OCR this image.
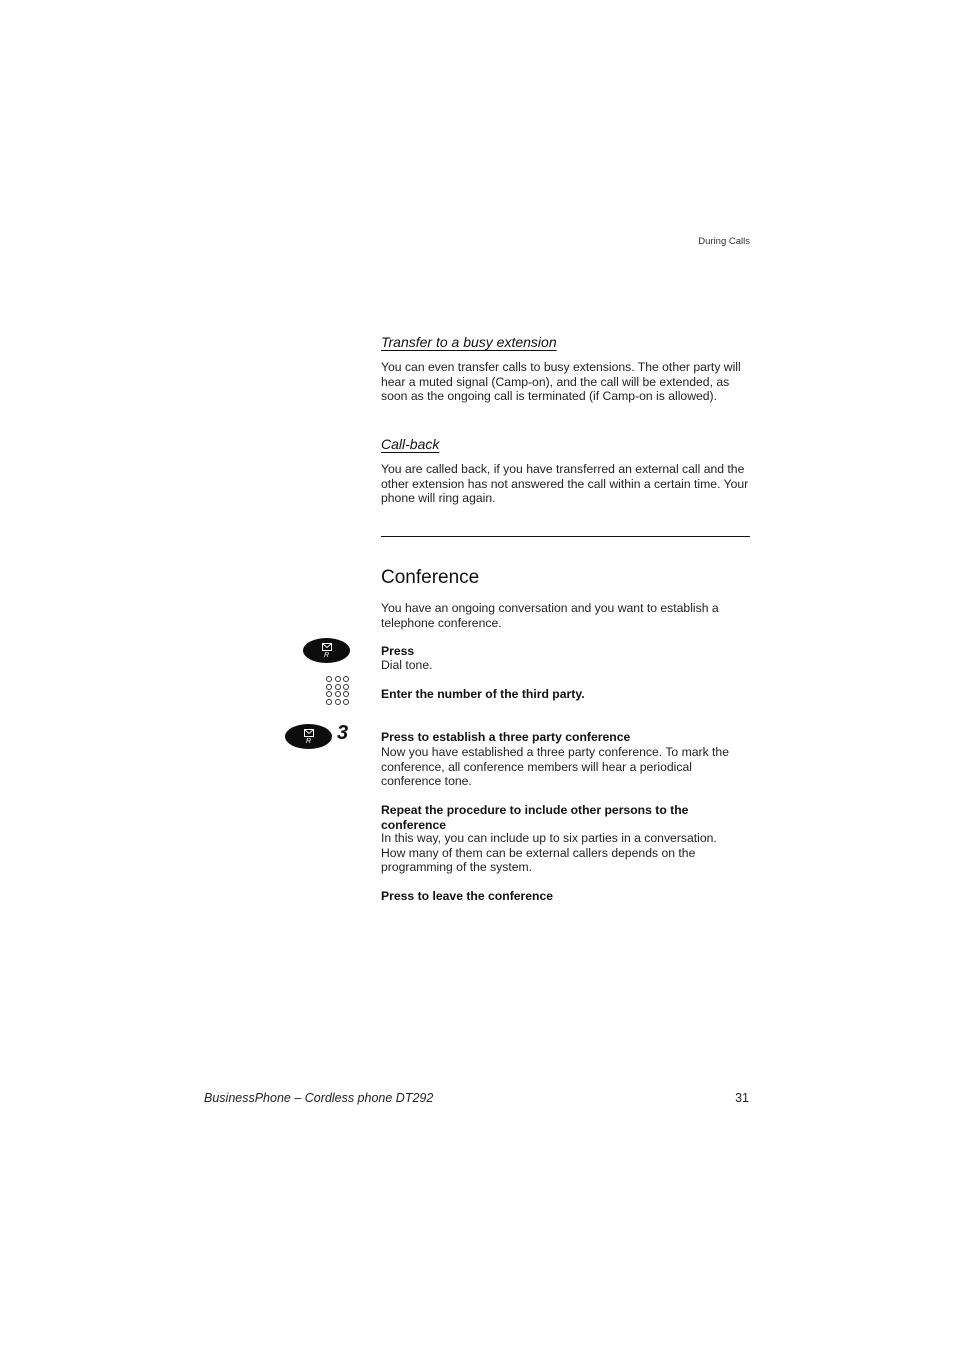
During Calls
Transfer to a busy extension
You can even transfer calls to busy extensions. The other party will hear a muted signal (Camp-on), and the call will be extended, as soon as the ongoing call is terminated (if Camp-on is allowed).
Call-back
You are called back, if you have transferred an external call and the other extension has not answered the call within a certain time. Your phone will ring again.
Conference
You have an ongoing conversation and you want to establish a telephone conference.
R	Press
Dial tone.
Enter the number of the third party.
R 3	Press to establish a three party conference
Now you have established a three party conference. To mark the conference, all conference members will hear a periodical conference tone.
Repeat the procedure to include other persons to the conference
In this way, you can include up to six parties in a conversation. How many of them can be external callers depends on the programming of the system.
Press to leave the conference
BusinessPhone – Cordless phone DT292	31
